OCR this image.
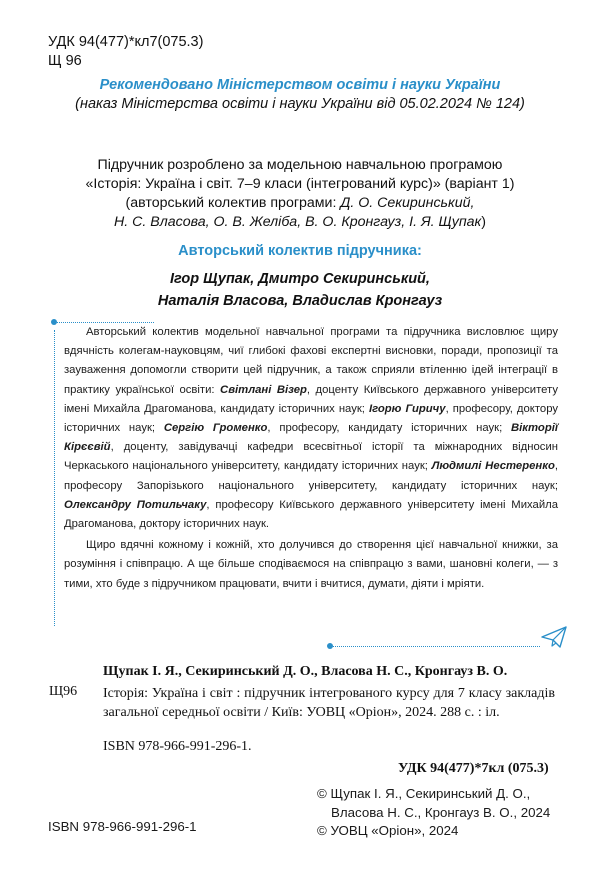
УДК 94(477)*кл7(075.3)
Щ 96
Рекомендовано Міністерством освіти і науки України
(наказ Міністерства освіти і науки України від 05.02.2024 № 124)
Підручник розроблено за модельною навчальною програмою
«Історія: Україна і світ. 7–9 класи (інтегрований курс)» (варіант 1)
(авторський колектив програми: Д. О. Секиринський,
Н. С. Власова, О. В. Желіба, В. О. Кронгауз, І. Я. Щупак)
Авторський колектив підручника:
Ігор Щупак, Дмитро Секиринський,
Наталія Власова, Владислав Кронгауз

Авторський колектив модельної навчальної програми та підручника висловлює щиру вдячність колегам-науковцям, чиї глибокі фахові експертні висновки, поради, пропозиції та зауваження допомогли створити цей підручник, а також сприяли втіленню ідей інтеграції в практику української освіти: Світлані Візер, доценту Київського державного університету імені Михайла Драгоманова, кандидату історичних наук; Ігорю Гиричу, професору, доктору історичних наук; Сергію Громенко, професору, кандидату історичних наук; Вікторії Кірєєвій, доценту, завідувачці кафедри всесвітньої історії та міжнародних відносин Черкаського національного університету, кандидату історичних наук; Людмилі Нестеренко, професору Запорізького національного університету, кандидату історичних наук; Олександру Потильчаку, професору Київського державного університету імені Михайла Драгоманова, доктору історичних наук.

Щиро вдячні кожному і кожній, хто долучився до створення цієї навчальної книжки, за розуміння і співпрацю. А ще більше сподіваємося на співпрацю з вами, шановні колеги, — з тими, хто буде з підручником працювати, вчити і вчитися, думати, діяти і мріяти.

Щупак І. Я., Секиринський Д. О., Власова Н. С., Кронгауз В. О.
Щ96 Історія: Україна і світ : підручник інтегрованого курсу для 7 класу закладів загальної середньої освіти / Київ: УОВЦ «Оріон», 2024. 288 с. : іл.
ISBN 978-966-991-296-1.
УДК 94(477)*7кл (075.3)
© Щупак І. Я., Секиринський Д. О.,
Власова Н. С., Кронгауз В. О., 2024
© УОВЦ «Оріон», 2024
ISBN 978-966-991-296-1
